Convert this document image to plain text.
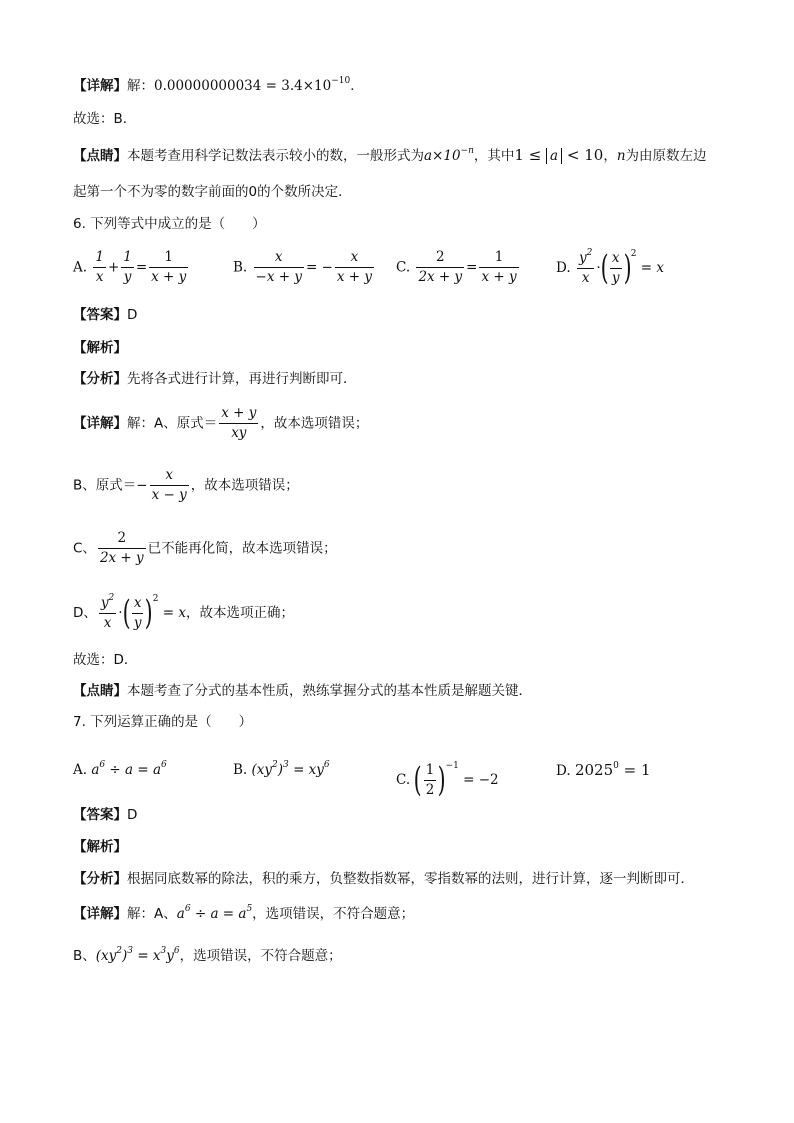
【详解】解：$0.00000000034 = 3.4\times 10^{-10}$．
故选：B．
【点睛】本题考查用科学记数法表示较小的数，一般形式为$a\times 10^{-n}$，其中1 ≤ a < 10，n为由原数左边
起第一个不为零的数字前面的0的个数所决定．
6. 下列等式中成立的是（　　）
A. $\frac{1}{x} + \frac{1}{y} = \frac{1}{x + y}$	B. $\frac{x}{-x + y}$ = − $\frac{x}{x + y} C$. $\frac{2}{2x + y} = \frac{1}{x + y}$	D. $\frac{y^2}{x}$ ·( $\frac{x}{y} )2 = x$
【答案】D
【解析】
【分析】先将各式进行计算，再进行判断即可．
【详解】解：A、原式＝ $\frac{x + y}{xy}$ ，故本选项错误；
B、原式＝− $\frac{x}{x - y}$ ，故本选项错误；
C、 $\frac{2}{2x + y}$ 已不能再化简，故本选项错误；
D、 $\frac{y^2}{x}$ ·( $\frac{x}{y} )2 = x$，故本选项正确；
故选：D．
【点睛】本题考查了分式的基本性质，熟练掌握分式的基本性质是解题关键．
7. 下列运算正确的是（　　）
A. $a^6 \div a = a^6$	B. $(xy^2)^3 = xy^6$
C. ( $\frac{1}{2} )-1 = -2$
D. $2025^0 = 1$
【答案】D
【解析】
【分析】根据同底数幂的除法，积的乘方，负整数指数幂，零指数幂的法则，进行计算，逐一判断即可．
【详解】解：A、$a^6 \div a = a^5$，选项错误，不符合题意；
B、$(xy^2)^3 = x^3y^6$，选项错误，不符合题意；
